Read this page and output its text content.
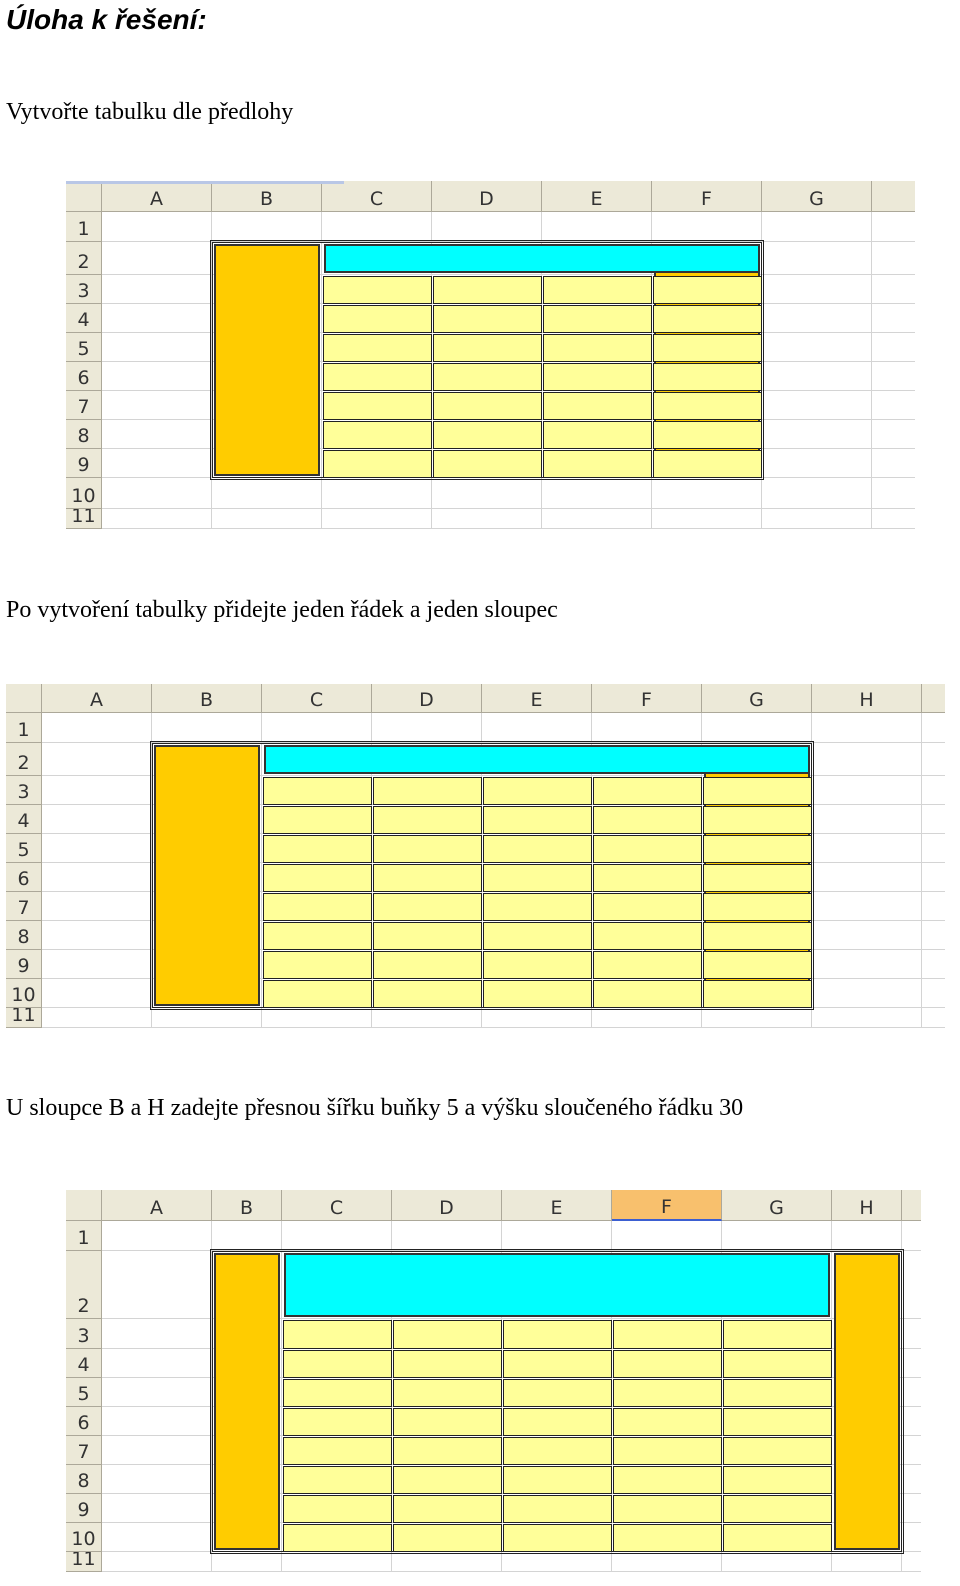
Úloha k řešení:

Vytvořte tabulku dle předlohy

A	B	C	D	E	F	G
1
2
3
4
5
6
7
8
9
10
11

Po vytvoření tabulky přidejte jeden řádek a jeden sloupec

A	B	C	D	E	F	G	H
1
2
3
4
5
6
7
8
9
10
11

U sloupce B a H zadejte přesnou šířku buňky 5 a výšku sloučeného řádku 30

A	B	C	D	E	F	G	H
1
2
3
4
5
6
7
8
9
10
11
